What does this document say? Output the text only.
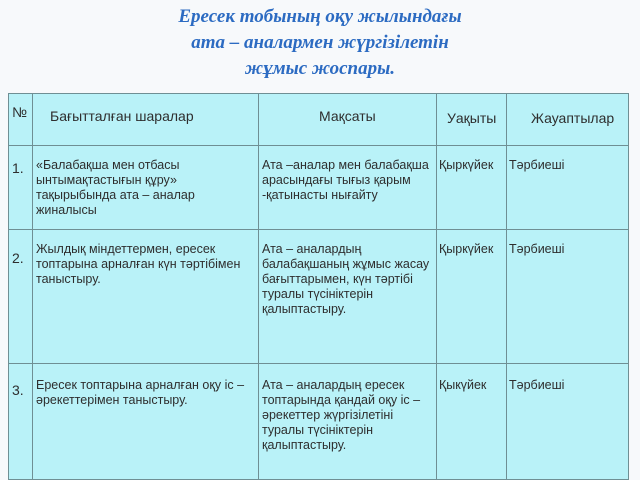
Ересек тобының оқу жылындағы
ата – аналармен жүргізілетін
жұмыс жоспары.
№	Бағытталған шаралар	Мақсаты	Уақыты	Жауаптылар
1.	«Балабақша мен отбасы ынтымақтастығын құру» тақырыбында ата – аналар жиналысы	Ата –аналар мен балабақша арасындағы тығыз қарым -қатынасты нығайту	Қыркүйек	Тәрбиеші
2.	Жылдық міндеттермен, ересек топтарына арналған күн тәртібімен таныстыру.	Ата – аналардың балабақшаның жұмыс жасау бағыттарымен, күн тәртібі туралы түсініктерін қалыптастыру.	Қыркүйек	Тәрбиеші
3.	Ересек топтарына арналған оқу іс – әрекеттерімен таныстыру.	Ата – аналардың ересек топтарында қандай оқу іс – әрекеттер жүргізілетіні туралы түсініктерін қалыптастыру.	Қыкүйек	Тәрбиеші
